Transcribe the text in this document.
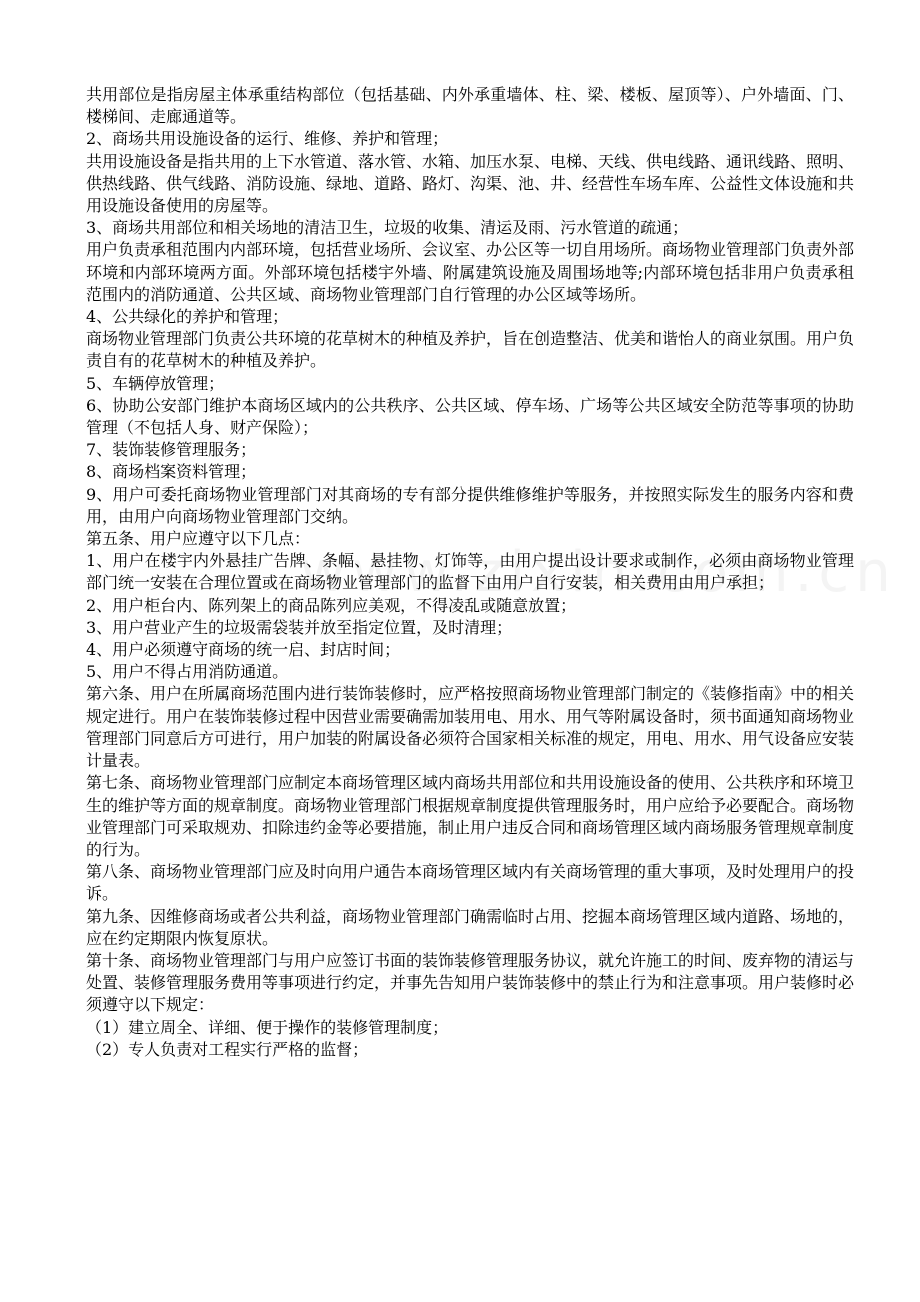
共用部位是指房屋主体承重结构部位（包括基础、内外承重墙体、柱、梁、楼板、屋顶等）、户外墙面、门、楼梯间、走廊通道等。

2、商场共用设施设备的运行、维修、养护和管理；

共用设施设备是指共用的上下水管道、落水管、水箱、加压水泵、电梯、天线、供电线路、通讯线路、照明、供热线路、供气线路、消防设施、绿地、道路、路灯、沟渠、池、井、经营性车场车库、公益性文体设施和共用设施设备使用的房屋等。

3、商场共用部位和相关场地的清洁卫生，垃圾的收集、清运及雨、污水管道的疏通；

用户负责承租范围内内部环境，包括营业场所、会议室、办公区等一切自用场所。商场物业管理部门负责外部环境和内部环境两方面。外部环境包括楼宇外墙、附属建筑设施及周围场地等;内部环境包括非用户负责承租范围内的消防通道、公共区域、商场物业管理部门自行管理的办公区域等场所。

4、公共绿化的养护和管理；

商场物业管理部门负责公共环境的花草树木的种植及养护，旨在创造整洁、优美和谐怡人的商业氛围。用户负责自有的花草树木的种植及养护。

5、车辆停放管理；

6、协助公安部门维护本商场区域内的公共秩序、公共区域、停车场、广场等公共区域安全防范等事项的协助管理（不包括人身、财产保险）；

7、装饰装修管理服务；

8、商场档案资料管理；

9、用户可委托商场物业管理部门对其商场的专有部分提供维修维护等服务，并按照实际发生的服务内容和费用，由用户向商场物业管理部门交纳。

第五条、用户应遵守以下几点：

1、用户在楼宇内外悬挂广告牌、条幅、悬挂物、灯饰等，由用户提出设计要求或制作，必须由商场物业管理部门统一安装在合理位置或在商场物业管理部门的监督下由用户自行安装，相关费用由用户承担；

2、用户柜台内、陈列架上的商品陈列应美观，不得凌乱或随意放置；

3、用户营业产生的垃圾需袋装并放至指定位置，及时清理；

4、用户必须遵守商场的统一启、封店时间；

5、用户不得占用消防通道。

第六条、用户在所属商场范围内进行装饰装修时，应严格按照商场物业管理部门制定的《装修指南》中的相关规定进行。用户在装饰装修过程中因营业需要确需加装用电、用水、用气等附属设备时，须书面通知商场物业管理部门同意后方可进行，用户加装的附属设备必须符合国家相关标准的规定，用电、用水、用气设备应安装计量表。

第七条、商场物业管理部门应制定本商场管理区域内商场共用部位和共用设施设备的使用、公共秩序和环境卫生的维护等方面的规章制度。商场物业管理部门根据规章制度提供管理服务时，用户应给予必要配合。商场物业管理部门可采取规劝、扣除违约金等必要措施，制止用户违反合同和商场管理区域内商场服务管理规章制度的行为。

第八条、商场物业管理部门应及时向用户通告本商场管理区域内有关商场管理的重大事项，及时处理用户的投诉。

第九条、因维修商场或者公共利益，商场物业管理部门确需临时占用、挖掘本商场管理区域内道路、场地的，应在约定期限内恢复原状。

第十条、商场物业管理部门与用户应签订书面的装饰装修管理服务协议，就允许施工的时间、废弃物的清运与处置、装修管理服务费用等事项进行约定，并事先告知用户装饰装修中的禁止行为和注意事项。用户装修时必须遵守以下规定：

（1）建立周全、详细、便于操作的装修管理制度；

（2）专人负责对工程实行严格的监督；
